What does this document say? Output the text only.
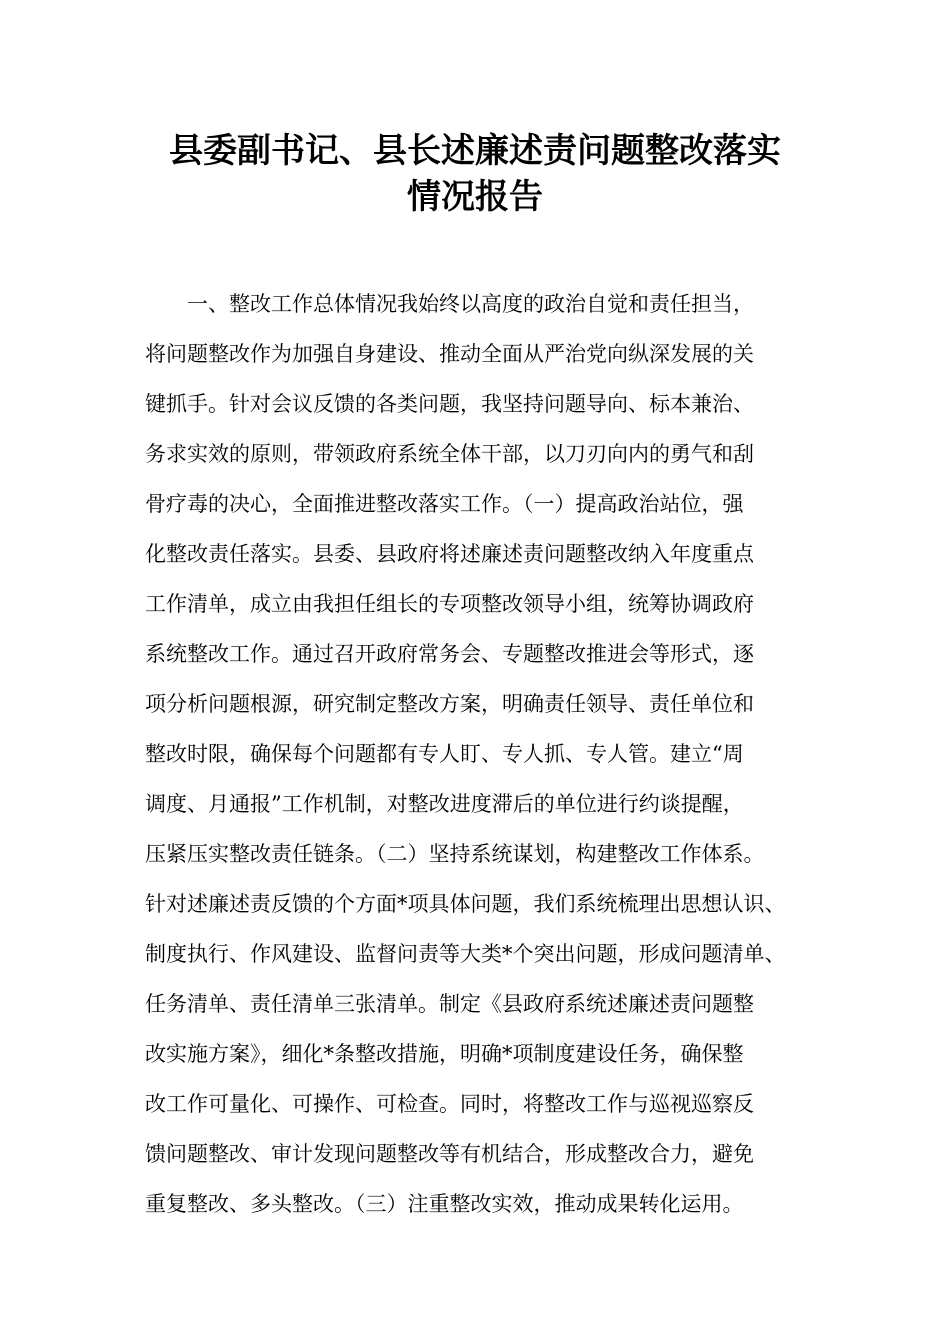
县委副书记、县长述廉述责问题整改落实
情况报告
一、整改工作总体情况我始终以高度的政治自觉和责任担当，
将问题整改作为加强自身建设、推动全面从严治党向纵深发展的关
键抓手。针对会议反馈的各类问题，我坚持问题导向、标本兼治、
务求实效的原则，带领政府系统全体干部，以刀刃向内的勇气和刮
骨疗毒的决心，全面推进整改落实工作。（一）提高政治站位，强
化整改责任落实。县委、县政府将述廉述责问题整改纳入年度重点
工作清单，成立由我担任组长的专项整改领导小组，统筹协调政府
系统整改工作。通过召开政府常务会、专题整改推进会等形式，逐
项分析问题根源，研究制定整改方案，明确责任领导、责任单位和
整改时限，确保每个问题都有专人盯、专人抓、专人管。建立“周
调度、月通报”工作机制，对整改进度滞后的单位进行约谈提醒，
压紧压实整改责任链条。（二）坚持系统谋划，构建整改工作体系。
针对述廉述责反馈的个方面*项具体问题，我们系统梳理出思想认识、
制度执行、作风建设、监督问责等大类*个突出问题，形成问题清单、
任务清单、责任清单三张清单。制定《县政府系统述廉述责问题整
改实施方案》，细化*条整改措施，明确*项制度建设任务，确保整
改工作可量化、可操作、可检查。同时，将整改工作与巡视巡察反
馈问题整改、审计发现问题整改等有机结合，形成整改合力，避免
重复整改、多头整改。（三）注重整改实效，推动成果转化运用。
